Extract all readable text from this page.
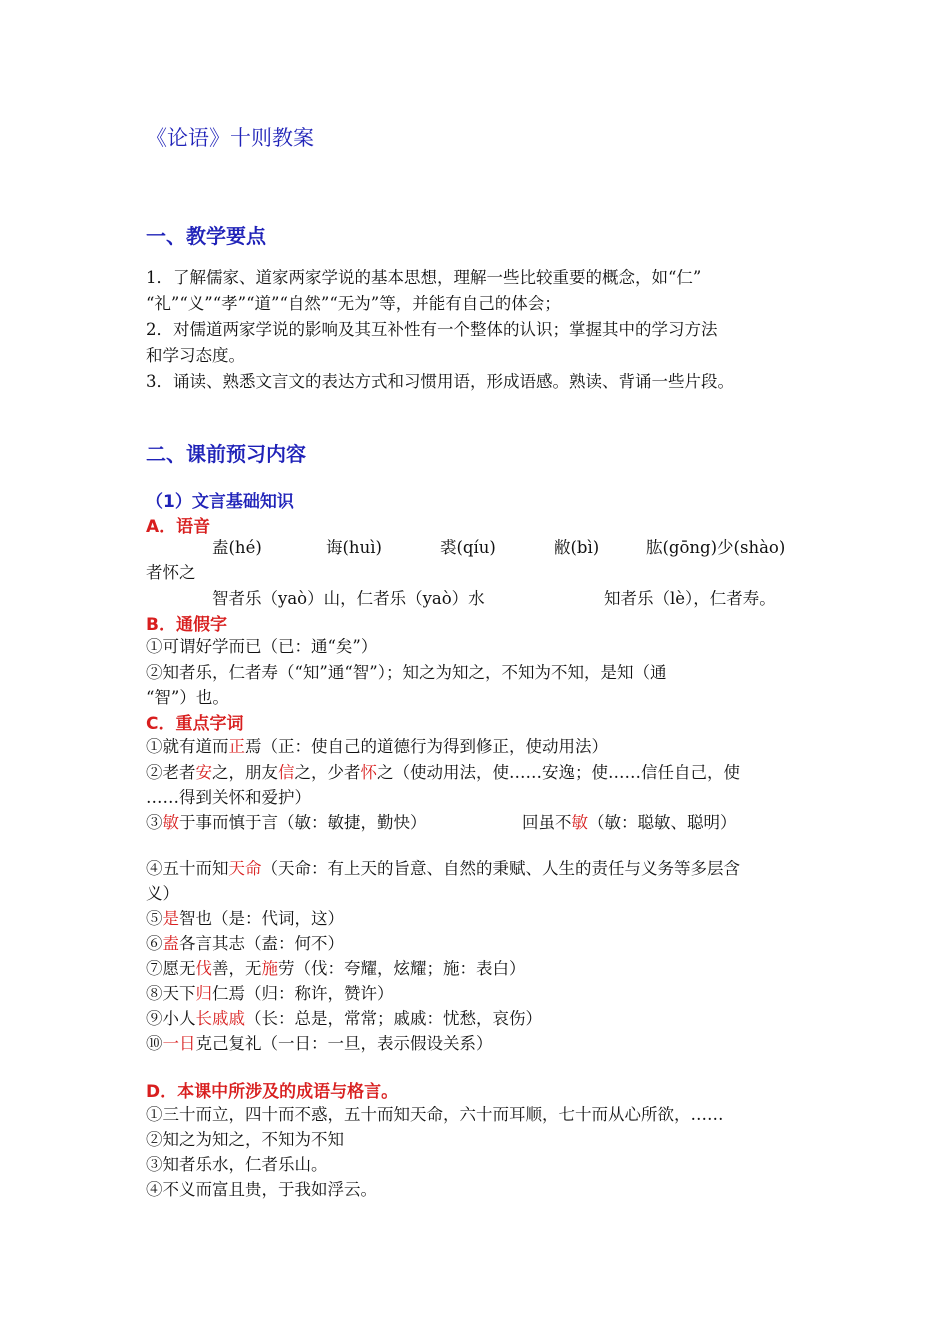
《论语》十则教案
一、教学要点
1．了解儒家、道家两家学说的基本思想，理解一些比较重要的概念，如“仁”
“礼”“义”“孝”“道”“自然”“无为”等，并能有自己的体会；
2．对儒道两家学说的影响及其互补性有一个整体的认识；掌握其中的学习方法
和学习态度。
3．诵读、熟悉文言文的表达方式和习惯用语，形成语感。熟读、背诵一些片段。
二、课前预习内容
（1）文言基础知识
A．语音
盍(hé)	诲(huì)	裘(qíu)	敝(bì)	肱(gōng)少(shào)
者怀之
智者乐（yaò）山，仁者乐（yaò）水	知者乐（lè），仁者寿。
B．通假字
①可谓好学而已（已：通“矣”）
②知者乐，仁者寿（“知”通“智”）；知之为知之，不知为不知，是知（通
“智”）也。
C．重点字词
①就有道而正焉（正：使自己的道德行为得到修正，使动用法）
②老者安之，朋友信之，少者怀之（使动用法，使……安逸；使……信任自己，使
……得到关怀和爱护）
③敏于事而慎于言（敏：敏捷，勤快）	回虽不敏（敏：聪敏、聪明）
④五十而知天命（天命：有上天的旨意、自然的秉赋、人生的责任与义务等多层含
义）
⑤是智也（是：代词，这）
⑥盍各言其志（盍：何不）
⑦愿无伐善，无施劳（伐：夸耀，炫耀；施：表白）
⑧天下归仁焉（归：称许，赞许）
⑨小人长戚戚（长：总是，常常；戚戚：忧愁，哀伤）
⑩一日克己复礼（一日：一旦，表示假设关系）
D．本课中所涉及的成语与格言。
①三十而立，四十而不惑，五十而知天命，六十而耳顺，七十而从心所欲，……
②知之为知之，不知为不知
③知者乐水，仁者乐山。
④不义而富且贵，于我如浮云。
